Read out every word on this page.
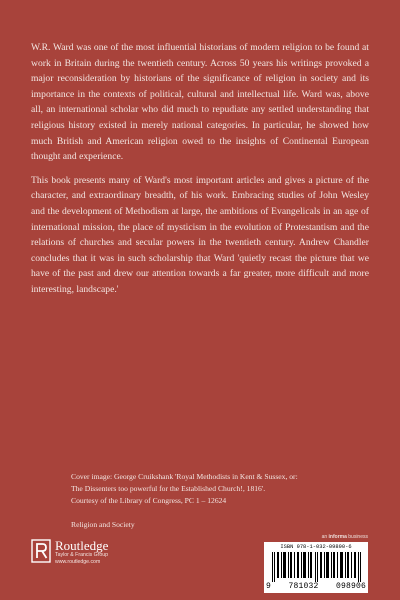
W.R. Ward was one of the most influential historians of modern religion to be found at work in Britain during the twentieth century. Across 50 years his writings provoked a major reconsideration by historians of the significance of religion in society and its importance in the contexts of political, cultural and intellectual life. Ward was, above all, an international scholar who did much to repudiate any settled understanding that religious history existed in merely national categories. In particular, he showed how much British and American religion owed to the insights of Continental European thought and experience.

This book presents many of Ward's most important articles and gives a picture of the character, and extraordinary breadth, of his work. Embracing studies of John Wesley and the development of Methodism at large, the ambitions of Evangelicals in an age of international mission, the place of mysticism in the evolution of Protestantism and the relations of churches and secular powers in the twentieth century. Andrew Chandler concludes that it was in such scholarship that Ward 'quietly recast the picture that we have of the past and drew our attention towards a far greater, more difficult and more interesting, landscape.'

Cover image: George Cruikshank 'Royal Methodists in Kent & Sussex, or:
The Dissenters too powerful for the Established Church!, 1816'.
Courtesy of the Library of Congress, PC 1 – 12624
Religion and Society
an informa business
Routledge
Taylor & Francis Group
www.routledge.com
ISBN 978-1-032-09890-6
9 781032 098906
